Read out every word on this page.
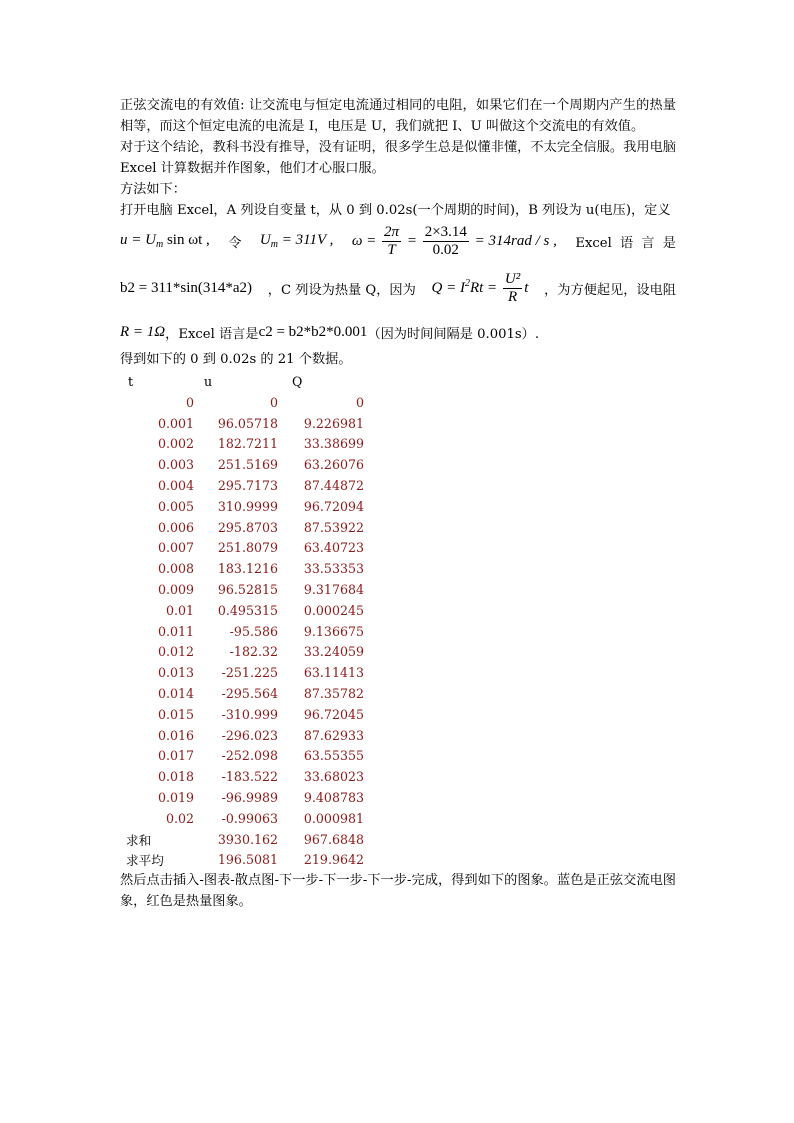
正弦交流电的有效值: 让交流电与恒定电流通过相同的电阻，如果它们在一个周期内产生的热量相等，而这个恒定电流的电流是 I，电压是 U，我们就把 I、U 叫做这个交流电的有效值。

对于这个结论，教科书没有推导，没有证明，很多学生总是似懂非懂，不太完全信服。我用电脑 Excel 计算数据并作图象，他们才心服口服。

方法如下：

打开电脑 Excel，A 列设自变量 t，从 0 到 0.02s(一个周期的时间)，B 列设为 u(电压)，定义

$u = U_m$ sin ωt , 令 $U_m = 311V$ , $\omega = \frac{2\pi}{T} = \frac{2\times 3.14}{0.02} = 314rad / s$ , Excel 语 言 是
b2 = 311*sin(314*a2) ，C 列设为热量 Q，因为 $Q = I^2Rt = \frac{\text{U²}}{R}$ t ，为方便起见，设电阻
R = 1Ω ，Excel 语言是 c2 = b2*b2*0.001 （因为时间间隔是 0.001s）.

得到如下的 0 到 0.02s 的 21 个数据。

t	u	Q
0	0	0
0.001	96.05718	9.226981
0.002	182.7211	33.38699
0.003	251.5169	63.26076
0.004	295.7173	87.44872
0.005	310.9999	96.72094
0.006	295.8703	87.53922
0.007	251.8079	63.40723
0.008	183.1216	33.53353
0.009	96.52815	9.317684
0.01	0.495315	0.000245
0.011	-95.586	9.136675
0.012	-182.32	33.24059
0.013	-251.225	63.11413
0.014	-295.564	87.35782
0.015	-310.999	96.72045
0.016	-296.023	87.62933
0.017	-252.098	63.55355
0.018	-183.522	33.68023
0.019	-96.9989	9.408783
0.02	-0.99063	0.000981
求和	3930.162	967.6848
求平均	196.5081	219.9642

然后点击插入-图表-散点图-下一步-下一步-下一步-完成，得到如下的图象。蓝色是正弦交流电图象，红色是热量图象。
